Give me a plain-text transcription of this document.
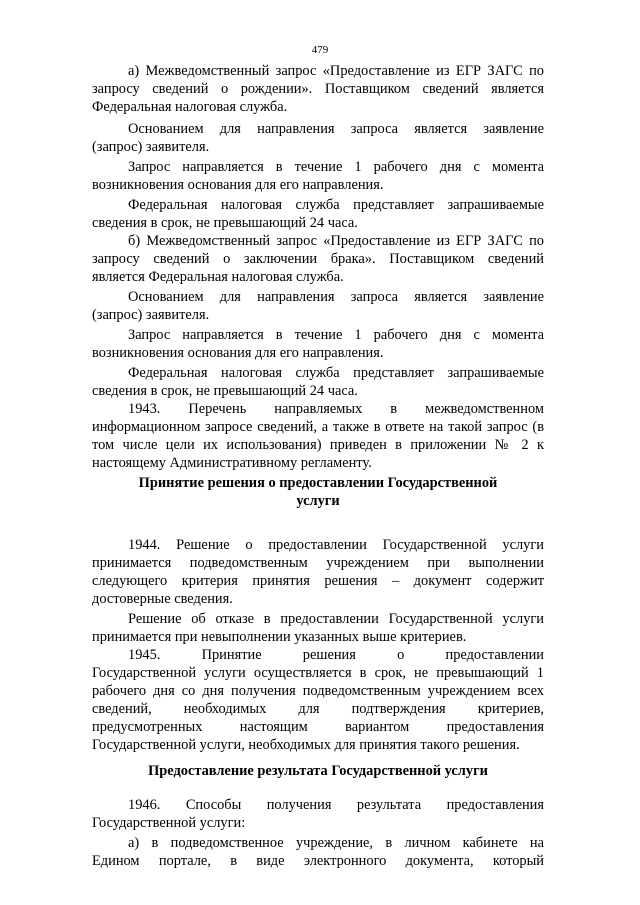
479
а) Межведомственный запрос «Предоставление из ЕГР ЗАГС по
запросу сведений о рождении». Поставщиком сведений является
Федеральная налоговая служба.
Основанием для направления запроса является заявление
(запрос) заявителя.
Запрос направляется в течение 1 рабочего дня с момента
возникновения основания для его направления.
Федеральная налоговая служба представляет запрашиваемые
сведения в срок, не превышающий 24 часа.
б) Межведомственный запрос «Предоставление из ЕГР ЗАГС по
запросу сведений о заключении брака». Поставщиком сведений
является Федеральная налоговая служба.
Основанием для направления запроса является заявление
(запрос) заявителя.
Запрос направляется в течение 1 рабочего дня с момента
возникновения основания для его направления.
Федеральная налоговая служба представляет запрашиваемые
сведения в срок, не превышающий 24 часа.
1943. Перечень направляемых в межведомственном
информационном запросе сведений, а также в ответе на такой запрос (в
том числе цели их использования) приведен в приложении № 2 к
настоящему Административному регламенту.
Принятие решения о предоставлении Государственной
услуги
1944. Решение о предоставлении Государственной услуги
принимается подведомственным учреждением при выполнении
следующего критерия принятия решения – документ содержит
достоверные сведения.
Решение об отказе в предоставлении Государственной услуги
принимается при невыполнении указанных выше критериев.
1945. Принятие решения о предоставлении
Государственной услуги осуществляется в срок, не превышающий 1
рабочего дня со дня получения подведомственным учреждением всех
сведений, необходимых для подтверждения критериев,
предусмотренных настоящим вариантом предоставления
Государственной услуги, необходимых для принятия такого решения.
Предоставление результата Государственной услуги
1946. Способы получения результата предоставления
Государственной услуги:
а) в подведомственное учреждение, в личном кабинете на
Едином портале, в виде электронного документа, который
